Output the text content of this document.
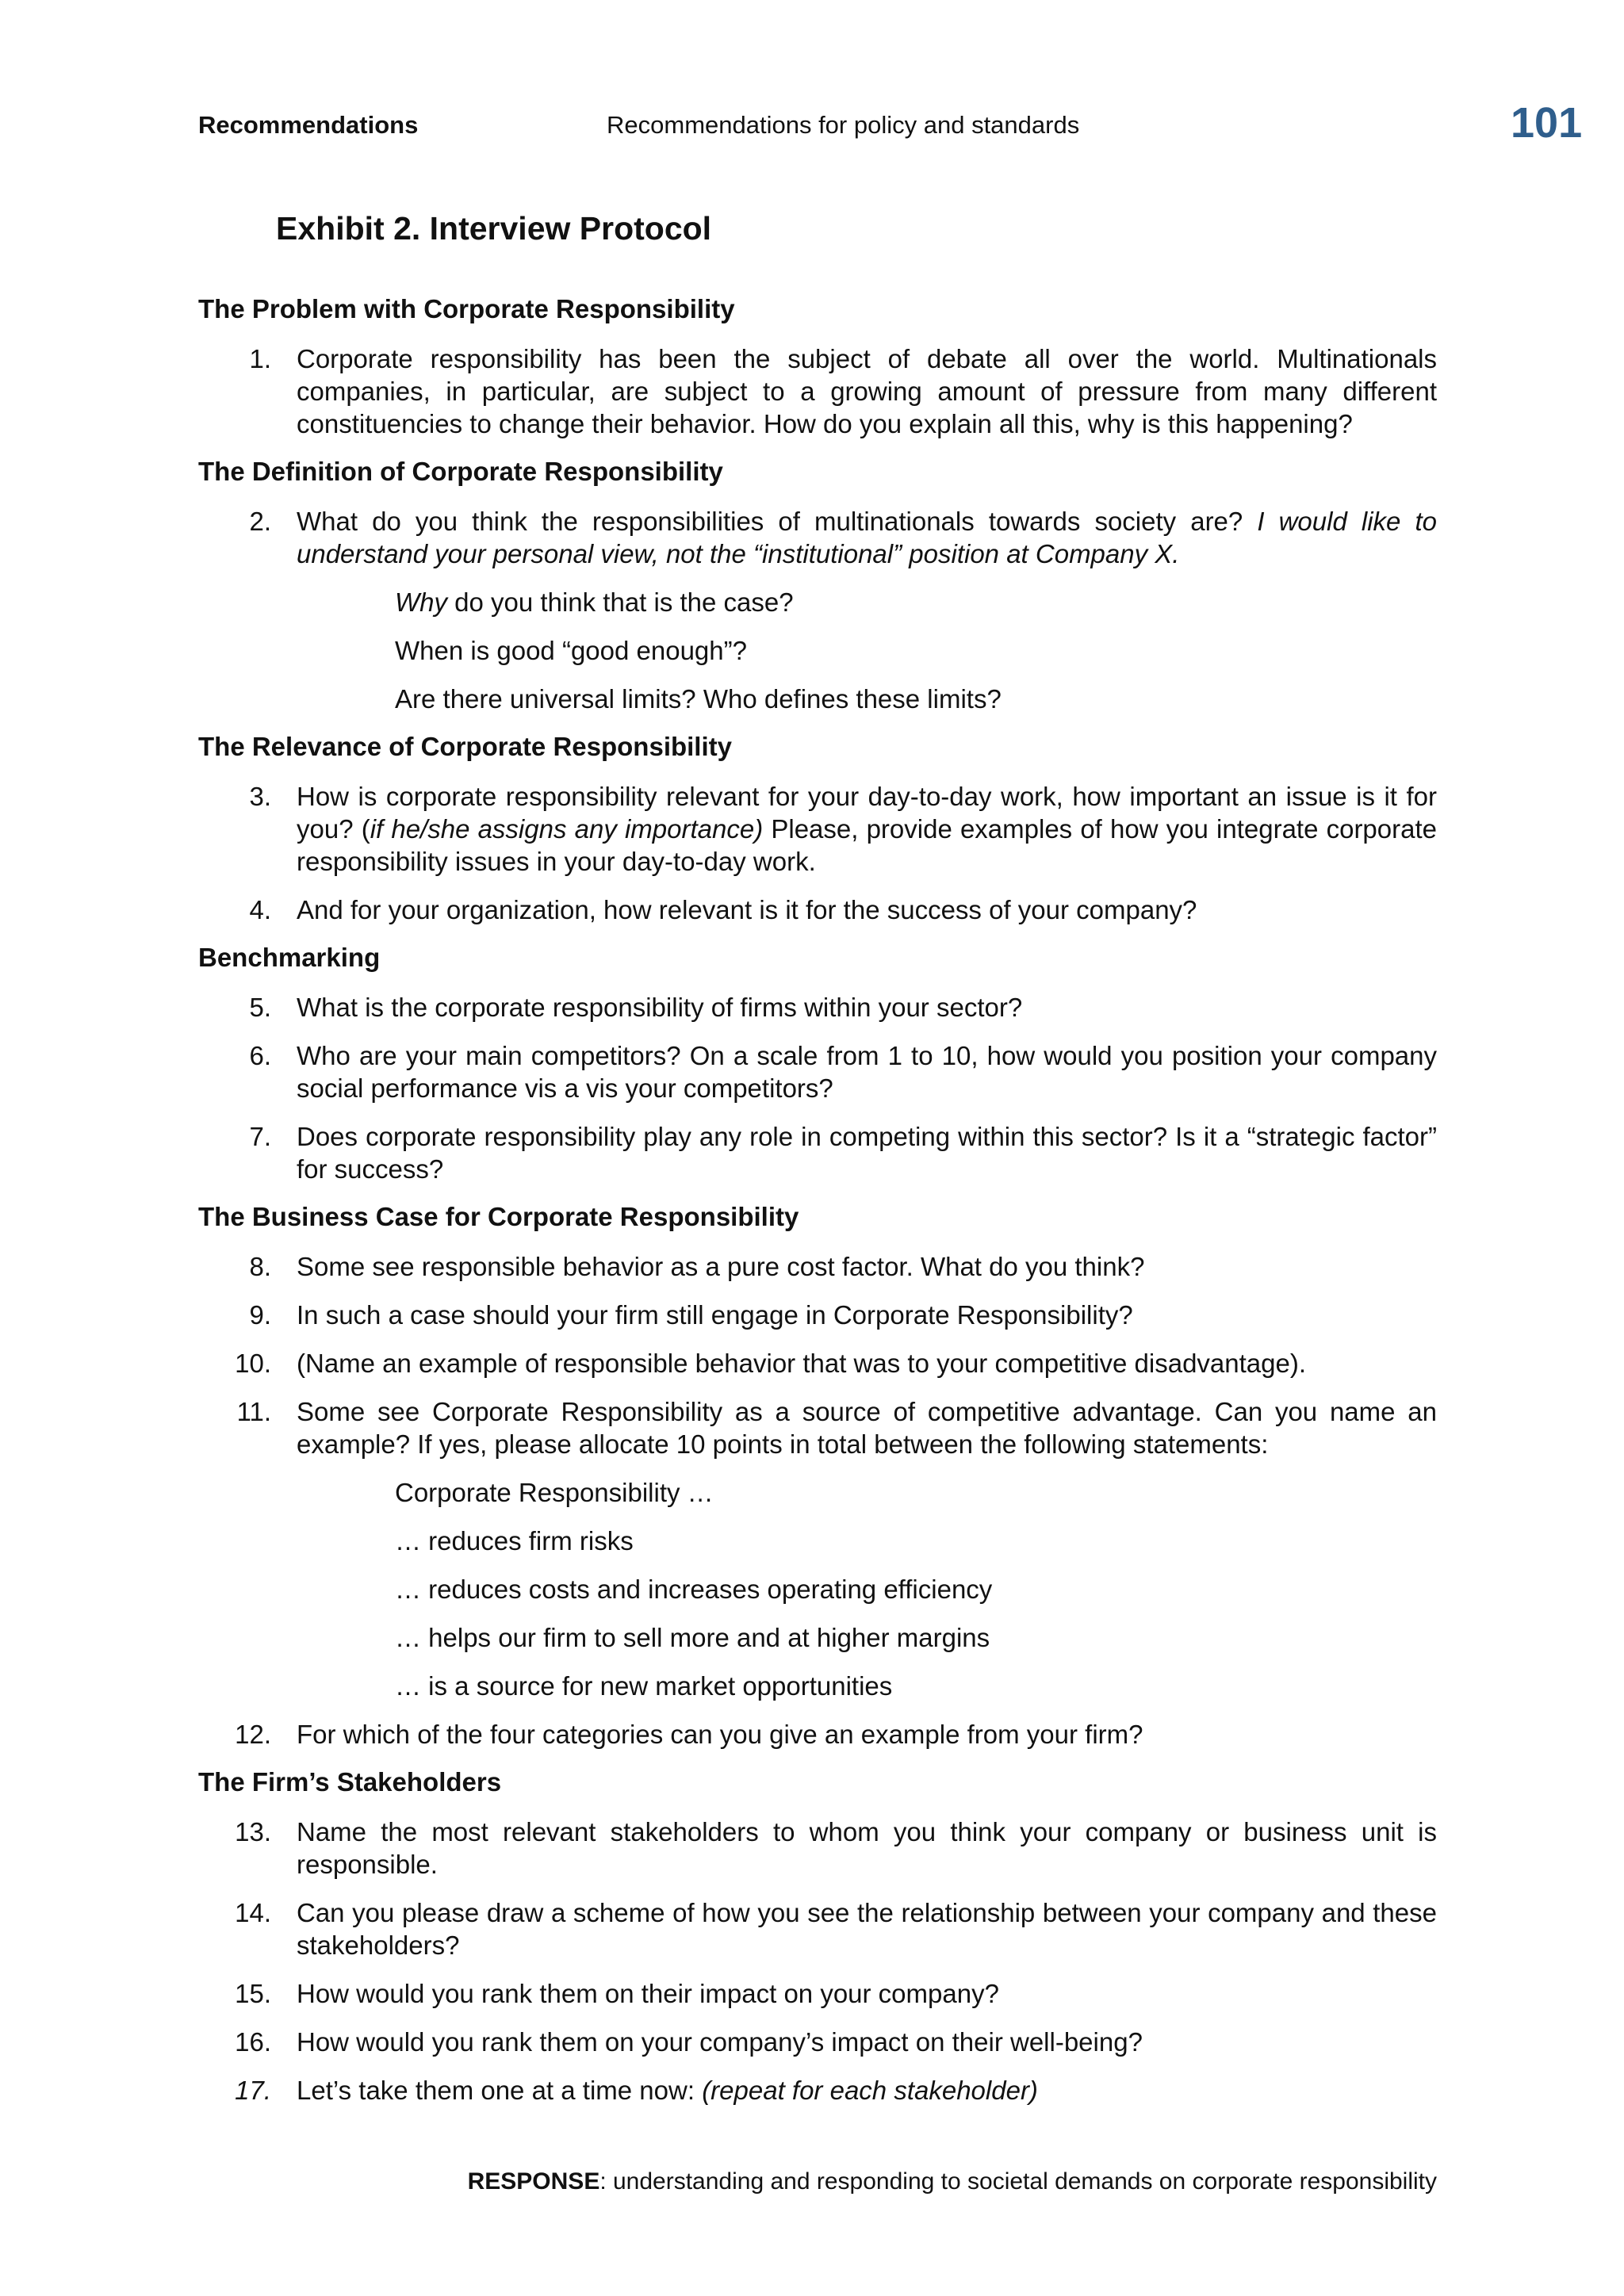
Recommendations	Recommendations for policy and standards	101
Exhibit 2. Interview Protocol
The Problem with Corporate Responsibility
1. Corporate responsibility has been the subject of debate all over the world. Multinationals companies, in particular, are subject to a growing amount of pressure from many different constituencies to change their behavior. How do you explain all this, why is this happening?
The Definition of Corporate Responsibility
2. What do you think the responsibilities of multinationals towards society are? I would like to understand your personal view, not the “institutional” position at Company X.
Why do you think that is the case?
When is good “good enough”?
Are there universal limits? Who defines these limits?
The Relevance of Corporate Responsibility
3. How is corporate responsibility relevant for your day-to-day work, how important an issue is it for you? (if he/she assigns any importance) Please, provide examples of how you integrate corporate responsibility issues in your day-to-day work.
4. And for your organization, how relevant is it for the success of your company?
Benchmarking
5. What is the corporate responsibility of firms within your sector?
6. Who are your main competitors? On a scale from 1 to 10, how would you position your company social performance vis a vis your competitors?
7. Does corporate responsibility play any role in competing within this sector? Is it a “strategic factor” for success?
The Business Case for Corporate Responsibility
8. Some see responsible behavior as a pure cost factor. What do you think?
9. In such a case should your firm still engage in Corporate Responsibility?
10. (Name an example of responsible behavior that was to your competitive disadvantage).
11. Some see Corporate Responsibility as a source of competitive advantage. Can you name an example? If yes, please allocate 10 points in total between the following statements:
Corporate Responsibility …
… reduces firm risks
… reduces costs and increases operating efficiency
… helps our firm to sell more and at higher margins
… is a source for new market opportunities
12. For which of the four categories can you give an example from your firm?
The Firm’s Stakeholders
13. Name the most relevant stakeholders to whom you think your company or business unit is responsible.
14. Can you please draw a scheme of how you see the relationship between your company and these stakeholders?
15. How would you rank them on their impact on your company?
16. How would you rank them on your company’s impact on their well-being?
17. Let’s take them one at a time now: (repeat for each stakeholder)
RESPONSE: understanding and responding to societal demands on corporate responsibility
